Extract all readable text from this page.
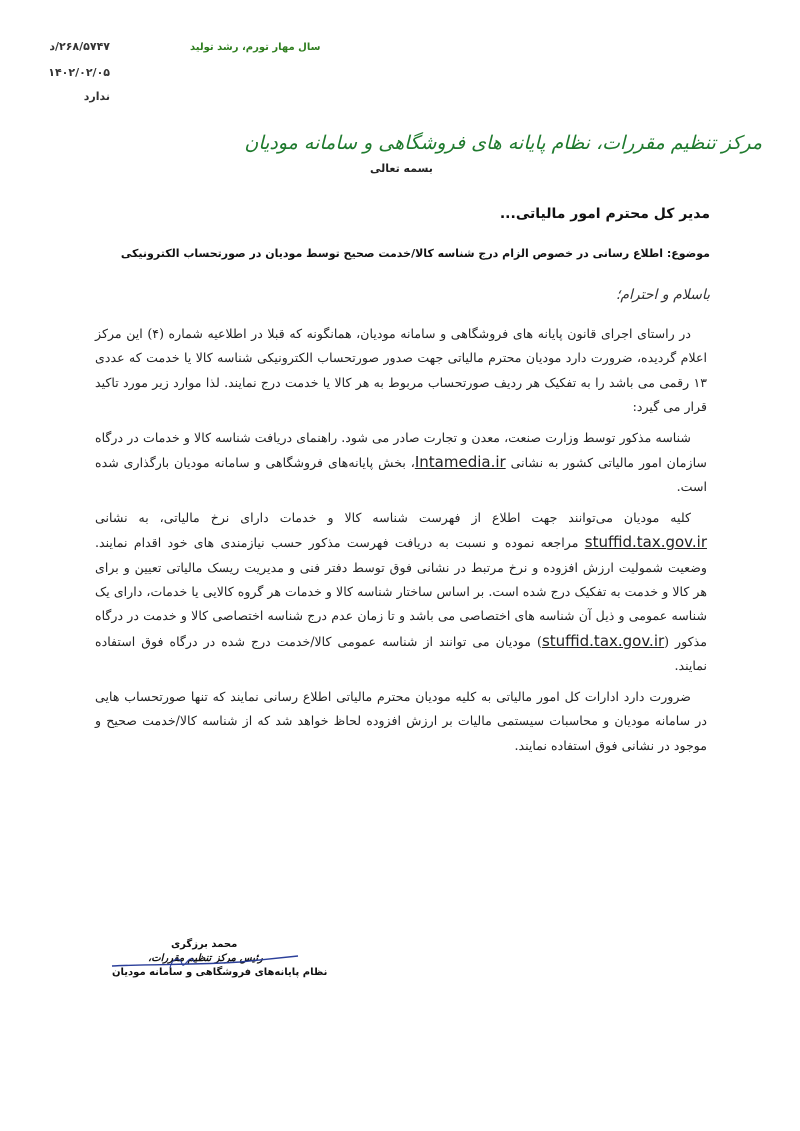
۲۶۸/۵۷۴۷/د
۱۴۰۲/۰۲/۰۵
ندارد
سال مهار تورم، رشد تولید
مرکز تنظیم مقررات، نظام پایانه های فروشگاهی و سامانه مودیان
بسمه تعالی
مدیر کل محترم امور مالیاتی...
موضوع: اطلاع رسانی در خصوص الزام درج شناسه کالا/خدمت صحیح توسط مودیان در صورتحساب الکترونیکی
باسلام و احترام؛

در راستای اجرای قانون پایانه های فروشگاهی و سامانه مودیان، همانگونه که قبلا در اطلاعیه شماره (۴) این مرکز اعلام گردیده، ضرورت دارد مودیان محترم مالیاتی جهت صدور صورتحساب الکترونیکی شناسه کالا یا خدمت که عددی ۱۳ رقمی می باشد را به تفکیک هر ردیف صورتحساب مربوط به هر کالا یا خدمت درج نمایند. لذا موارد زیر مورد تاکید قرار می گیرد:

شناسه مذکور توسط وزارت صنعت، معدن و تجارت صادر می شود. راهنمای دریافت شناسه کالا و خدمات در درگاه سازمان امور مالیاتی کشور به نشانی Intamedia.ir، بخش پایانه‌های فروشگاهی و سامانه مودیان بارگذاری شده است.

کلیه مودیان می‌توانند جهت اطلاع از فهرست شناسه کالا و خدمات دارای نرخ مالیاتی، به نشانی stuffid.tax.gov.ir مراجعه نموده و نسبت به دریافت فهرست مذکور حسب نیازمندی های خود اقدام نمایند. وضعیت شمولیت ارزش افزوده و نرخ مرتبط در نشانی فوق توسط دفتر فنی و مدیریت ریسک مالیاتی تعیین و برای هر کالا و خدمت به تفکیک درج شده است. بر اساس ساختار شناسه کالا و خدمات هر گروه کالایی یا خدمات، دارای یک شناسه عمومی و ذیل آن شناسه های اختصاصی می باشد و تا زمان عدم درج شناسه اختصاصی کالا و خدمت در درگاه مذکور (stuffid.tax.gov.ir) مودیان می توانند از شناسه عمومی کالا/خدمت درج شده در درگاه فوق استفاده نمایند.

ضرورت دارد ادارات کل امور مالیاتی به کلیه مودیان محترم مالیاتی اطلاع رسانی نمایند که تنها صورتحساب هایی در سامانه مودیان و محاسبات سیستمی مالیات بر ارزش افزوده لحاظ خواهد شد که از شناسه کالا/خدمت صحیح و موجود در نشانی فوق استفاده نمایند.

محمد برزگری
رئیس مرکز تنظیم مقررات،
نظام پایانه‌های فروشگاهی و سامانه مودیان
